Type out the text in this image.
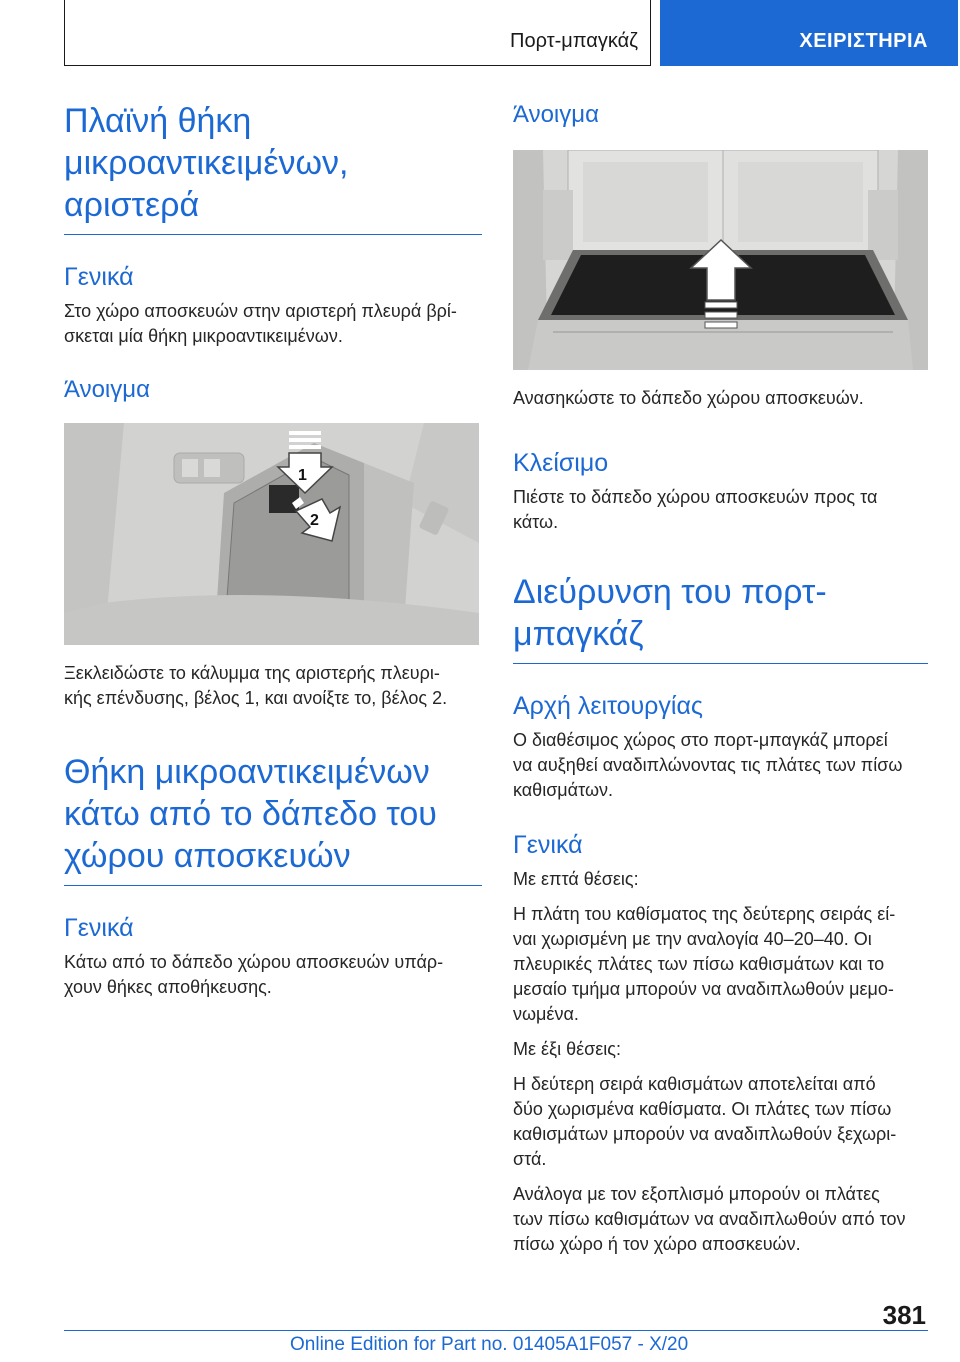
Πορτ-μπαγκάζ	ΧΕΙΡΙΣΤΗΡΙΑ
Πλαϊνή θήκη
μικροαντικειμένων,
αριστερά
Γενικά
Στο χώρο αποσκευών στην αριστερή πλευρά βρί-
σκεται μία θήκη μικροαντικειμένων.
Άνοιγμα
1
2
Ξεκλειδώστε το κάλυμμα της αριστερής πλευρι-
κής επένδυσης, βέλος 1, και ανοίξτε το, βέλος 2.
Θήκη μικροαντικειμένων
κάτω από το δάπεδο του
χώρου αποσκευών
Γενικά
Κάτω από το δάπεδο χώρου αποσκευών υπάρ-
χουν θήκες αποθήκευσης.
Άνοιγμα
Ανασηκώστε το δάπεδο χώρου αποσκευών.
Κλείσιμο
Πιέστε το δάπεδο χώρου αποσκευών προς τα
κάτω.
Διεύρυνση του πορτ-
μπαγκάζ
Αρχή λειτουργίας
Ο διαθέσιμος χώρος στο πορτ-μπαγκάζ μπορεί
να αυξηθεί αναδιπλώνοντας τις πλάτες των πίσω
καθισμάτων.
Γενικά
Με επτά θέσεις:
Η πλάτη του καθίσματος της δεύτερης σειράς εί-
ναι χωρισμένη με την αναλογία 40–20–40. Οι
πλευρικές πλάτες των πίσω καθισμάτων και το
μεσαίο τμήμα μπορούν να αναδιπλωθούν μεμο-
νωμένα.
Με έξι θέσεις:
Η δεύτερη σειρά καθισμάτων αποτελείται από
δύο χωρισμένα καθίσματα. Οι πλάτες των πίσω
καθισμάτων μπορούν να αναδιπλωθούν ξεχωρι-
στά.
Ανάλογα με τον εξοπλισμό μπορούν οι πλάτες
των πίσω καθισμάτων να αναδιπλωθούν από τον
πίσω χώρο ή τον χώρο αποσκευών.
381
Online Edition for Part no. 01405A1F057 - X/20
